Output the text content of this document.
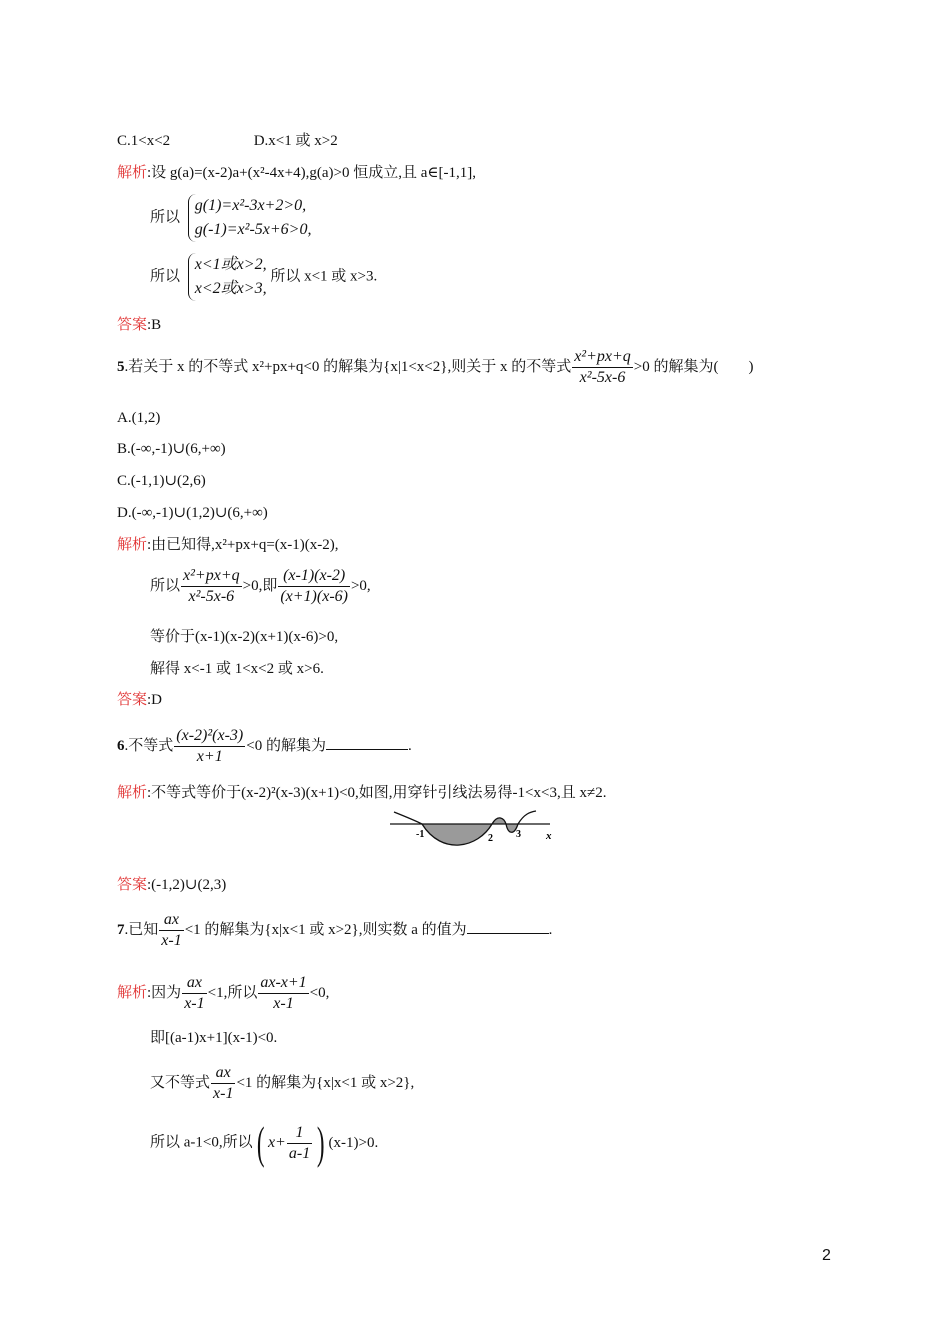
C.1<x<2	D.x<1 或 x>2
解析:设 g(a)=(x-2)a+(x²-4x+4),g(a)>0 恒成立,且 a∈[-1,1],
所以
g(1)=x²-3x+2>0,
g(-1)=x²-5x+6>0,
所以
x<1或x>2,
x<2或x>3,
所以 x<1 或 x>3.
答案:B
5.若关于 x 的不等式 x²+px+q<0 的解集为{x|1<x<2},则关于 x 的不等式 $\frac{\text{x²+px+q}}{\text{x²-5x-6}} >0$ 的解集为( )
A.(1,2)
B.(-∞,-1)∪(6,+∞)
C.(-1,1)∪(2,6)
D.(-∞,-1)∪(1,2)∪(6,+∞)
解析:由已知得,x²+px+q=(x-1)(x-2),
所以 $\frac{\text{x²+px+q}}{\text{x²-5x-6}} >0$,即 $\frac{(x-1)(x-2)}{(x+1)(x-6)} >0$,
等价于(x-1)(x-2)(x+1)(x-6)>0,
解得 x<-1 或 1<x<2 或 x>6.
答案:D
6.不等式 $\frac{\text{(x-2)²(x-3)}}{x+1} <0$ 的解集为	.
解析:不等式等价于(x-2)²(x-3)(x+1)<0,如图,用穿针引线法易得-1<x<3,且 x≠2.
-1	2 3 x
答案:(-1,2)∪(2,3)
7.已知 $\frac{ax}{x-1} <1$ 的解集为{x|x<1 或 x>2},则实数 a 的值为	.
解析:因为 $\frac{ax}{x-1} <1$,所以 $\frac{ax-x+1}{x-1} <0$,
即[(a-1)x+1](x-1)<0.
又不等式 $\frac{ax}{x-1} <1$ 的解集为{x|x<1 或 x>2},
所以 a-1<0,所以( $x+ \frac{1}{a-1}$ ) (x-1)>0.
2
